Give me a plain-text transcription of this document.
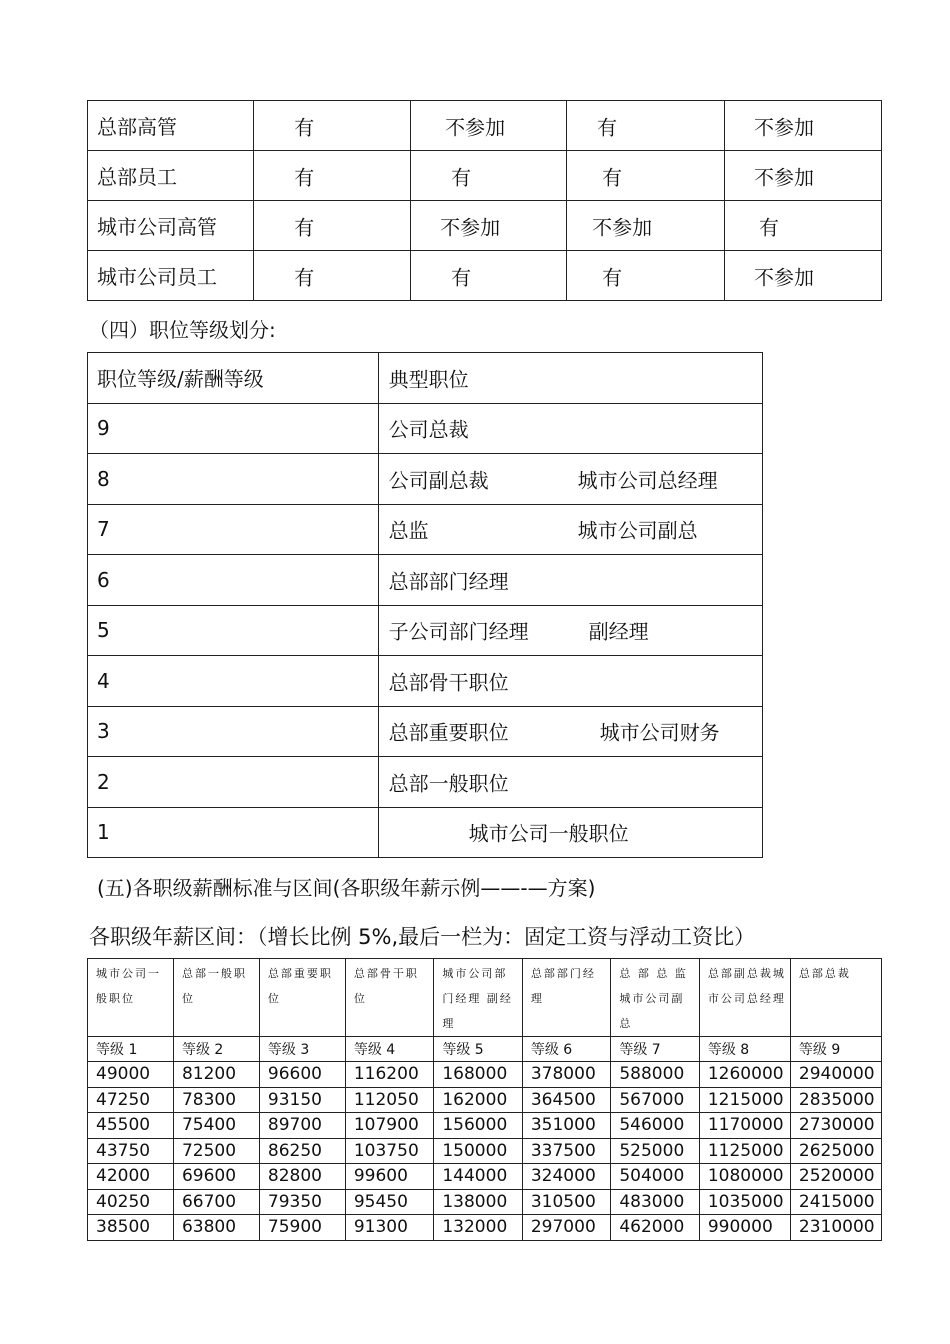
总部高管	有	不参加	有	不参加

总部员工	有	有	有	不参加

城市公司高管	有	不参加	不参加	有

城市公司员工	有	有	有	不参加
（四）职位等级划分:
职位等级/薪酬等级	典型职位

9	公司总裁

8	公司副总裁 城市公司总经理

7	总监 城市公司副总

6	总部部门经理

5	子公司部门经理 副经理

4	总部骨干职位

3	总部重要职位 城市公司财务

2	总部一般职位

1	城市公司一般职位
(五)各职级薪酬标准与区间(各职级年薪示例——-—方案)
各职级年薪区间：（增长比例 5%,最后一栏为：固定工资与浮动工资比）
城市公司一般职位	总部一般职位	总部重要职位	总部骨干职位	城市公司部门经理 副经理	总部部门经理	总 部 总 监 城市公司副总	总部副总裁城市公司总经理	总部总裁
等级 1	等级 2	等级 3	等级 4	等级 5	等级 6	等级 7	等级 8	等级 9
49000	81200	96600	116200	168000	378000	588000	1260000	2940000
47250	78300	93150	112050	162000	364500	567000	1215000	2835000
45500	75400	89700	107900	156000	351000	546000	1170000	2730000
43750	72500	86250	103750	150000	337500	525000	1125000	2625000
42000	69600	82800	99600	144000	324000	504000	1080000	2520000
40250	66700	79350	95450	138000	310500	483000	1035000	2415000
38500	63800	75900	91300	132000	297000	462000	990000	2310000
